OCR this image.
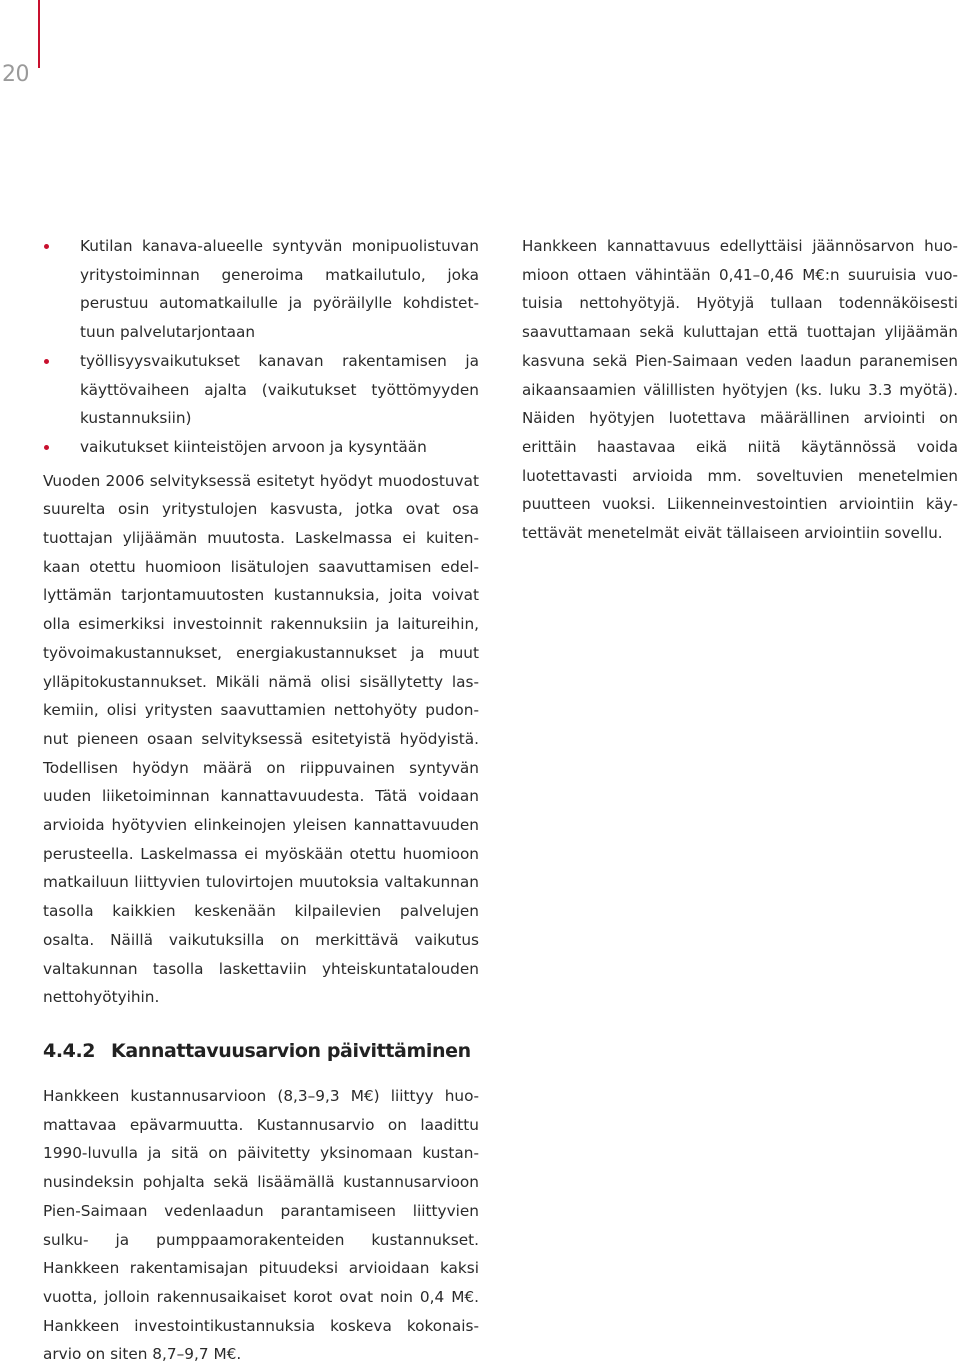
20
Kutilan kanava-alueelle syntyvän monipuolistuvan yritystoiminnan generoima matkailutulo, joka perustuu automatkailulle ja pyöräilylle kohdistettuun palvelutarjontaan
työllisyysvaikutukset kanavan rakentamisen ja käyttövaiheen ajalta (vaikutukset työttömyyden kustannuksiin)
vaikutukset kiinteistöjen arvoon ja kysyntään

Vuoden 2006 selvityksessä esitetyt hyödyt muodostuvat suurelta osin yritystulojen kasvusta, jotka ovat osa tuottajan ylijäämän muutosta. Laskelmassa ei kuitenkaan otettu huomioon lisätulojen saavuttamisen edellyttämän tarjontamuutosten kustannuksia, joita voivat olla esimerkiksi investoinnit rakennuksiin ja laitureihin, työvoimakustannukset, energiakustannukset ja muut ylläpitokustannukset. Mikäli nämä olisi sisällytetty laskemiin, olisi yritysten saavuttamien nettohyöty pudonnut pieneen osaan selvityksessä esitetyistä hyödyistä. Todellisen hyödyn määrä on riippuvainen syntyvän uuden liiketoiminnan kannattavuudesta. Tätä voidaan arvioida hyötyvien elinkeinojen yleisen kannattavuuden perusteella. Laskelmassa ei myöskään otettu huomioon matkailuun liittyvien tulovirtojen muutoksia valtakunnan tasolla kaikkien keskenään kilpailevien palvelujen osalta. Näillä vaikutuksilla on merkittävä vaikutus valtakunnan tasolla laskettaviin yhteiskuntatalouden nettohyötyihin.

Hankkeen kannattavuus edellyttäisi jäännösarvon huomioon ottaen vähintään 0,41–0,46 M€:n suuruisia vuotuisia nettohyötyjä. Hyötyjä tullaan todennäköisesti saavuttamaan sekä kuluttajan että tuottajan ylijäämän kasvuna sekä Pien-Saimaan veden laadun paranemisen aikaansaamien välillisten hyötyjen (ks. luku 3.3 myötä). Näiden hyötyjen luotettava määrällinen arviointi on erittäin haastavaa eikä niitä käytännössä voida luotettavasti arvioida mm. soveltuvien menetelmien puutteen vuoksi. Liikenneinvestointien arviointiin käytettävät menetelmät eivät tällaiseen arviointiin sovellu.

4.4.2 Kannattavuusarvion päivittäminen

Hankkeen kustannusarvioon (8,3–9,3 M€) liittyy huomattavaa epävarmuutta. Kustannusarvio on laadittu 1990-luvulla ja sitä on päivitetty yksinomaan kustannusindeksin pohjalta sekä lisäämällä kustannusarvioon Pien-Saimaan vedenlaadun parantamiseen liittyvien sulku- ja pumppaamorakenteiden kustannukset. Hankkeen rakentamisajan pituudeksi arvioidaan kaksi vuotta, jolloin rakennusaikaiset korot ovat noin 0,4 M€. Hankkeen investointikustannuksia koskeva kokonaisarvio on siten 8,7–9,7 M€.
